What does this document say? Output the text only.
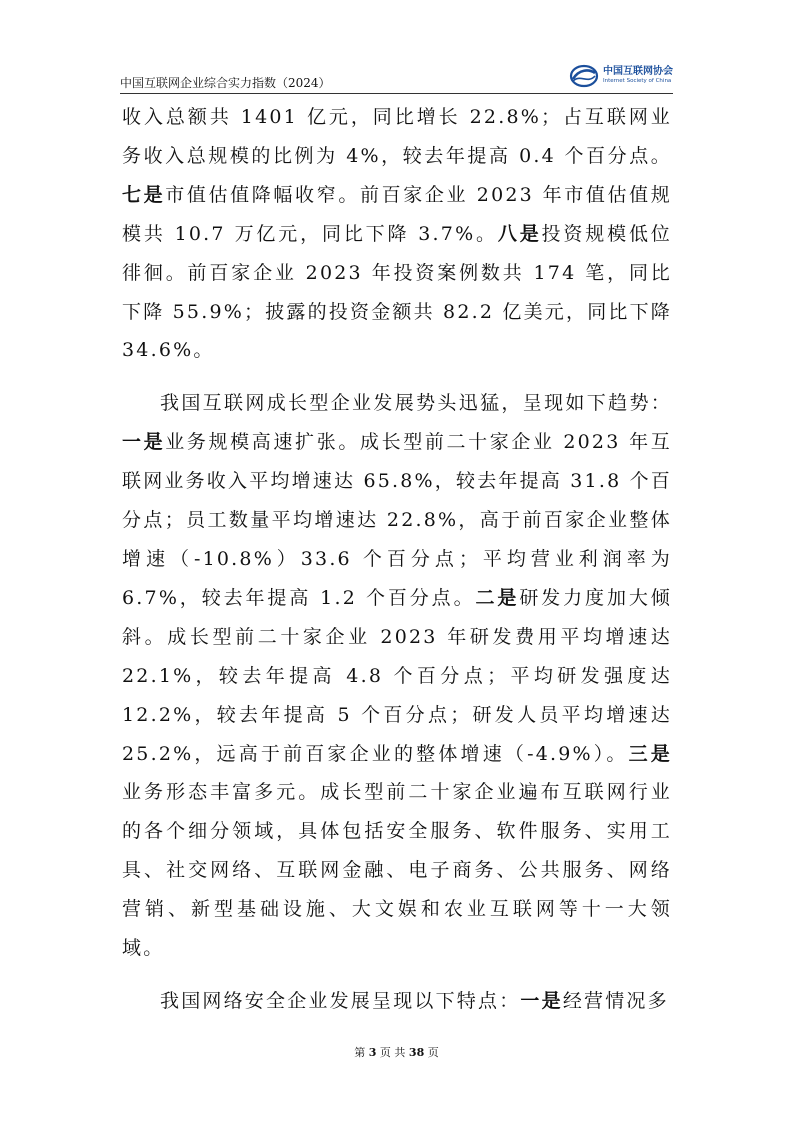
中国互联网企业综合实力指数（2024）
中国互联网协会
Internet Society of China

收入总额共 1401 亿元，同比增长 22.8%；占互联网业务收入总规模的比例为 4%，较去年提高 0.4 个百分点。七是市值估值降幅收窄。前百家企业 2023 年市值估值规模共 10.7 万亿元，同比下降 3.7%。八是投资规模低位徘徊。前百家企业 2023 年投资案例数共 174 笔，同比下降 55.9%；披露的投资金额共 82.2 亿美元，同比下降 34.6%。

我国互联网成长型企业发展势头迅猛，呈现如下趋势：一是业务规模高速扩张。成长型前二十家企业 2023 年互联网业务收入平均增速达 65.8%，较去年提高 31.8 个百分点；员工数量平均增速达 22.8%，高于前百家企业整体增速（-10.8%）33.6 个百分点；平均营业利润率为 6.7%，较去年提高 1.2 个百分点。二是研发力度加大倾斜。成长型前二十家企业 2023 年研发费用平均增速达 22.1%，较去年提高 4.8 个百分点；平均研发强度达 12.2%，较去年提高 5 个百分点；研发人员平均增速达 25.2%，远高于前百家企业的整体增速（-4.9%）。三是业务形态丰富多元。成长型前二十家企业遍布互联网行业的各个细分领域，具体包括安全服务、软件服务、实用工具、社交网络、互联网金融、电子商务、公共服务、网络营销、新型基础设施、大文娱和农业互联网等十一大领域。

我国网络安全企业发展呈现以下特点：一是经营情况多

第 3 页 共 38 页
